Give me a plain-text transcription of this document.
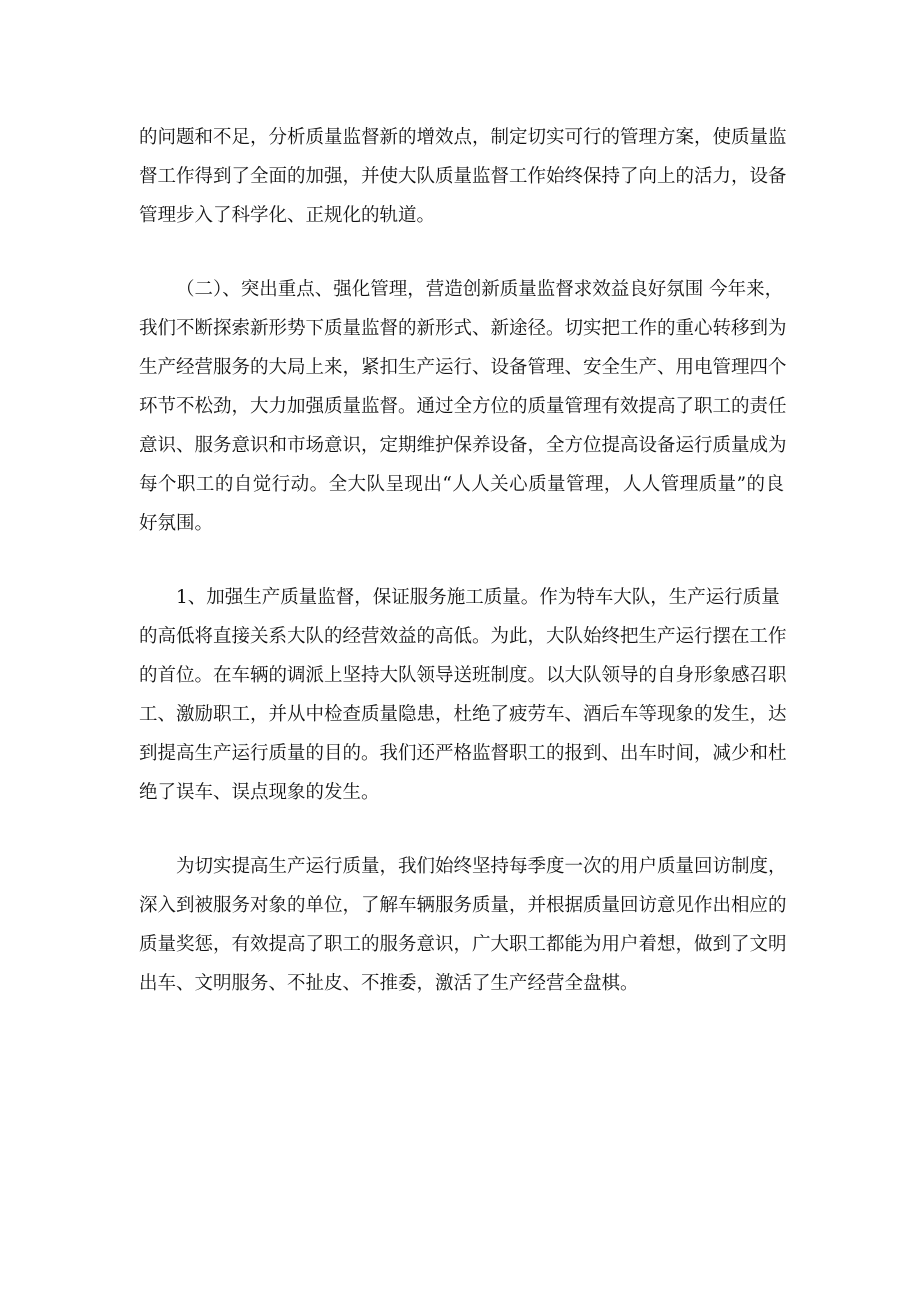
的问题和不足，分析质量监督新的增效点，制定切实可行的管理方案，使质量监
督工作得到了全面的加强，并使大队质量监督工作始终保持了向上的活力，设备
管理步入了科学化、正规化的轨道。

（二）、突出重点、强化管理，营造创新质量监督求效益良好氛围 今年来，
我们不断探索新形势下质量监督的新形式、新途径。切实把工作的重心转移到为
生产经营服务的大局上来，紧扣生产运行、设备管理、安全生产、用电管理四个
环节不松劲，大力加强质量监督。通过全方位的质量管理有效提高了职工的责任
意识、服务意识和市场意识，定期维护保养设备，全方位提高设备运行质量成为
每个职工的自觉行动。全大队呈现出“人人关心质量管理，人人管理质量”的良
好氛围。

1、加强生产质量监督，保证服务施工质量。作为特车大队，生产运行质量
的高低将直接关系大队的经营效益的高低。为此，大队始终把生产运行摆在工作
的首位。在车辆的调派上坚持大队领导送班制度。以大队领导的自身形象感召职
工、激励职工，并从中检查质量隐患，杜绝了疲劳车、酒后车等现象的发生，达
到提高生产运行质量的目的。我们还严格监督职工的报到、出车时间，减少和杜
绝了误车、误点现象的发生。

为切实提高生产运行质量，我们始终坚持每季度一次的用户质量回访制度，
深入到被服务对象的单位，了解车辆服务质量，并根据质量回访意见作出相应的
质量奖惩，有效提高了职工的服务意识，广大职工都能为用户着想，做到了文明
出车、文明服务、不扯皮、不推委，激活了生产经营全盘棋。
